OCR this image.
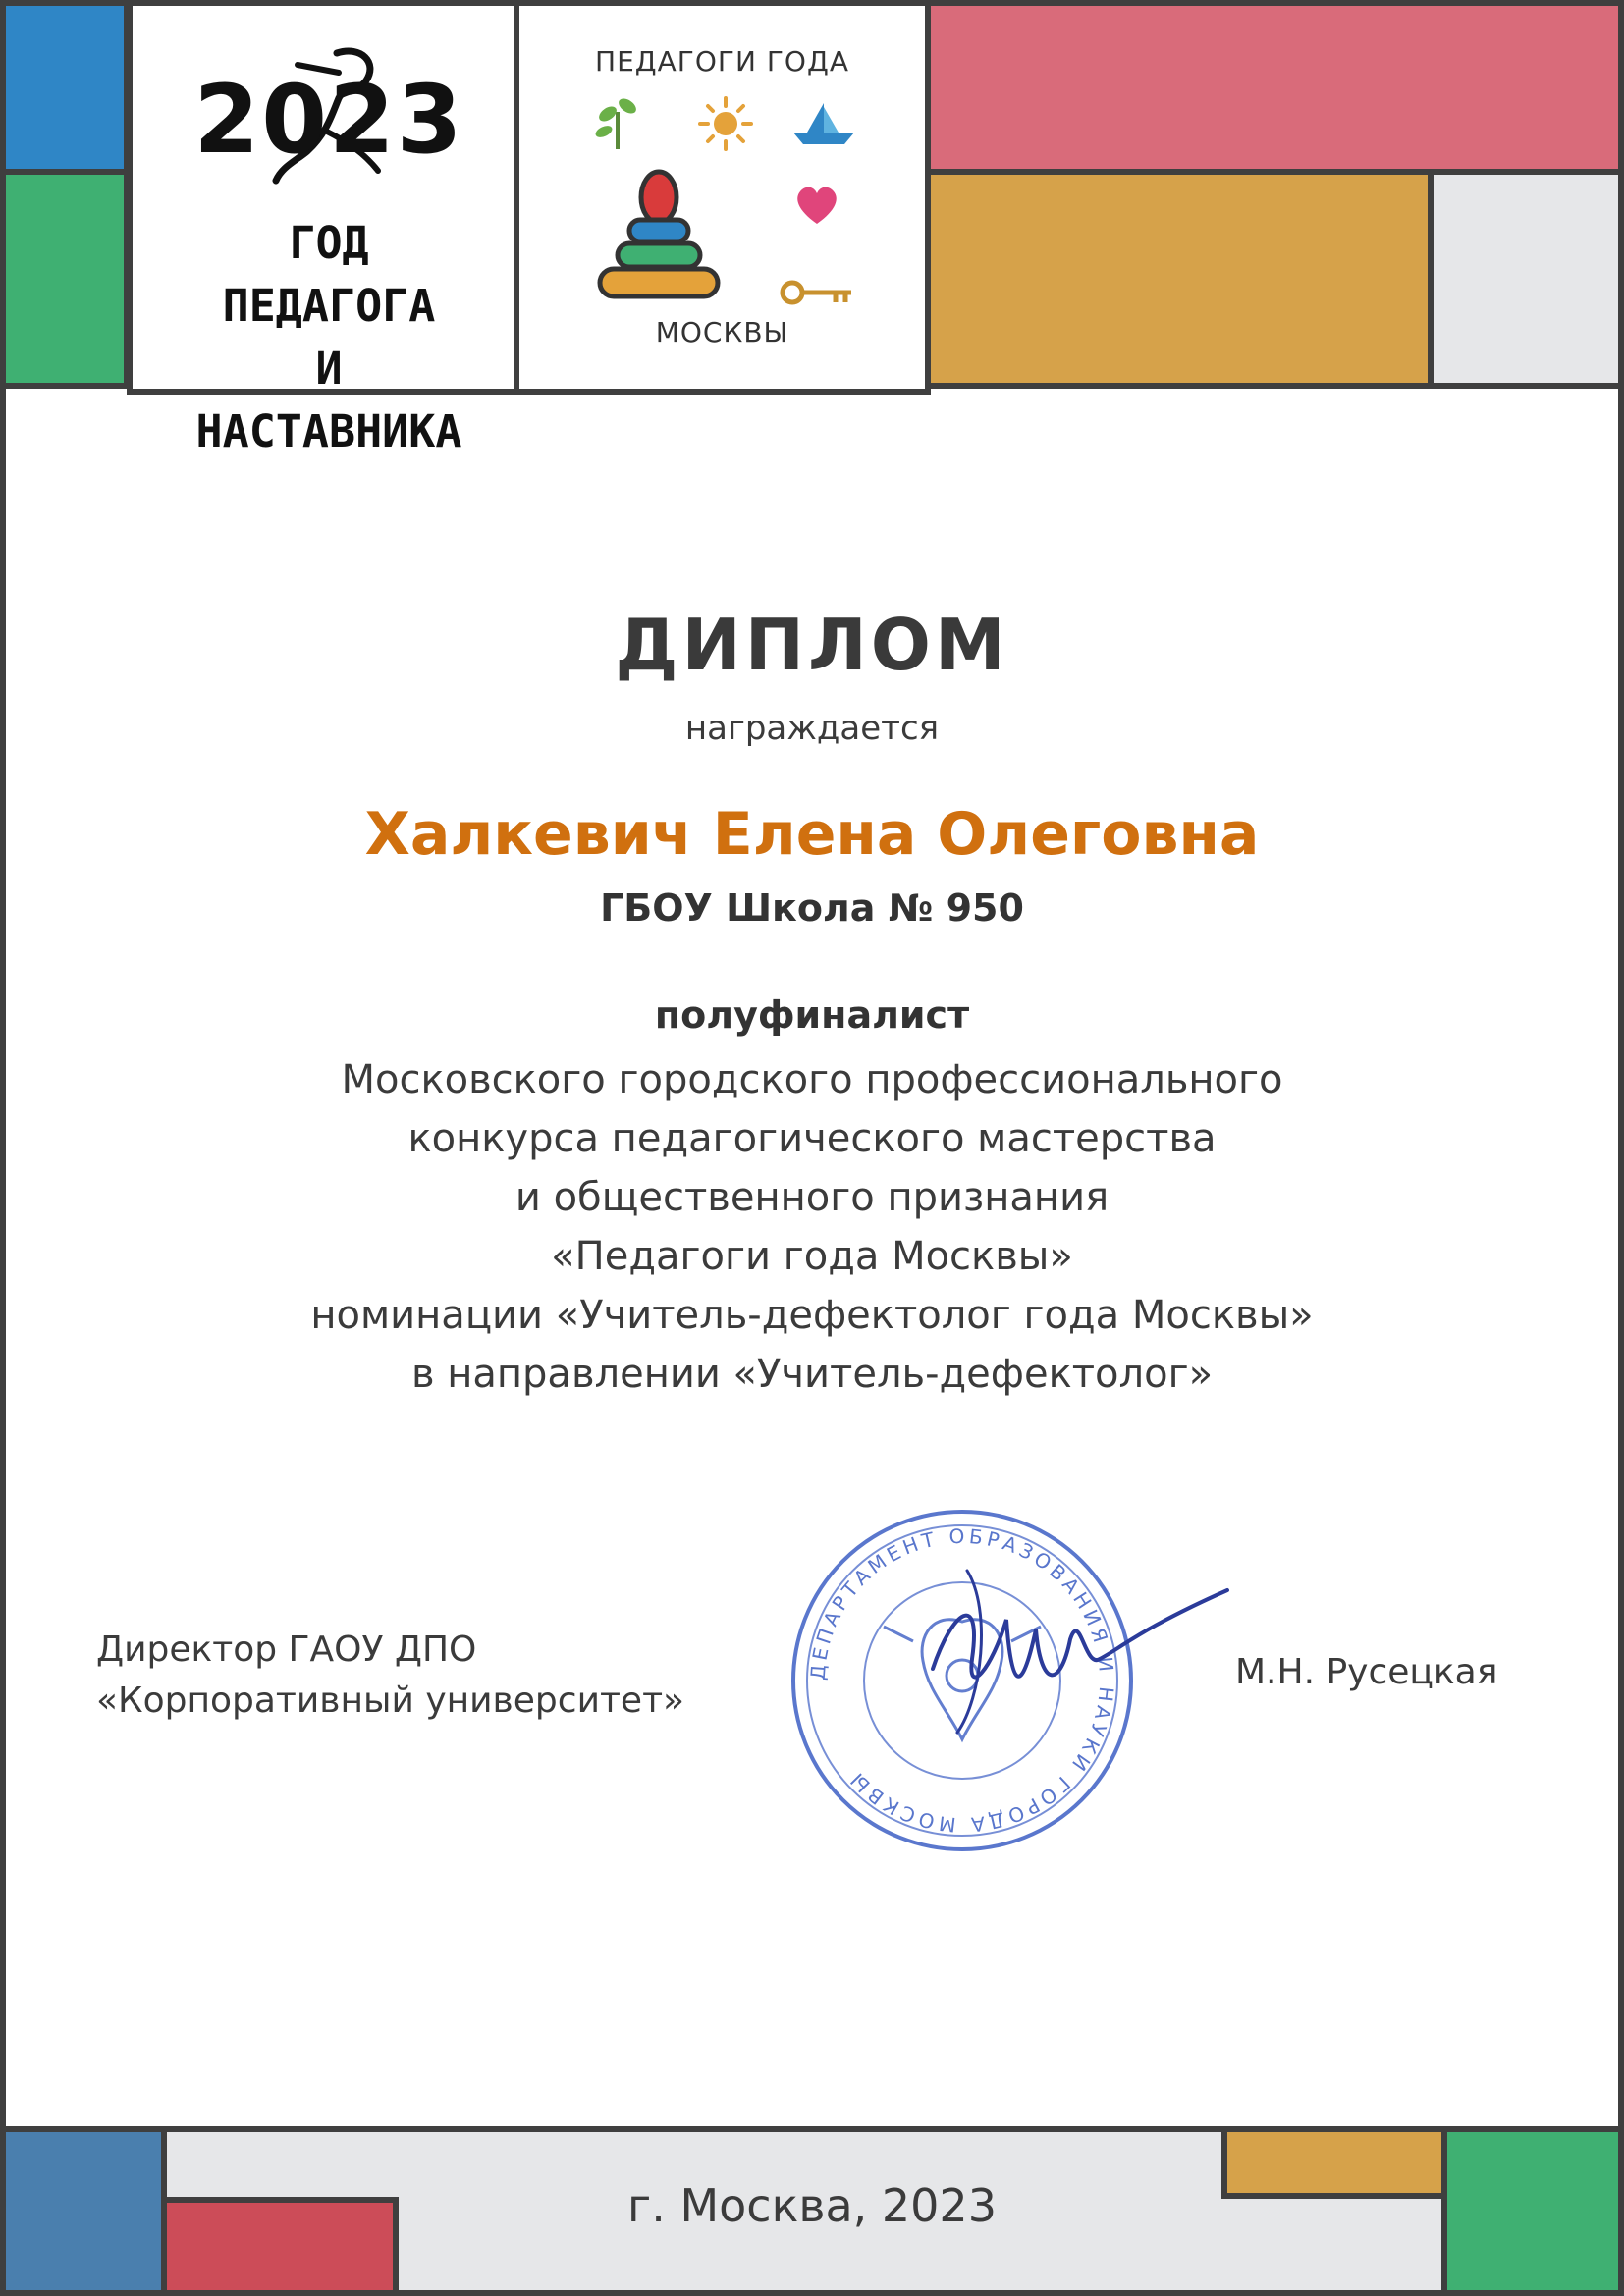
2023
ГОД ПЕДАГОГА
И НАСТАВНИКА
ПЕДАГОГИ ГОДА
МОСКВЫ
ДИПЛОМ
награждается
Халкевич Елена Олеговна
ГБОУ Школа № 950
полуфиналист
Московского городского профессионального
конкурса педагогического мастерства
и общественного признания
«Педагоги года Москвы»
номинации «Учитель-дефектолог года Москвы»
в направлении «Учитель-дефектолог»
Директор ГАОУ ДПО
«Корпоративный университет»
ДЕПАРТАМЕНТ ОБРАЗОВАНИЯ И НАУКИ ГОРОДА МОСКВЫ
М.Н. Русецкая
г. Москва, 2023
